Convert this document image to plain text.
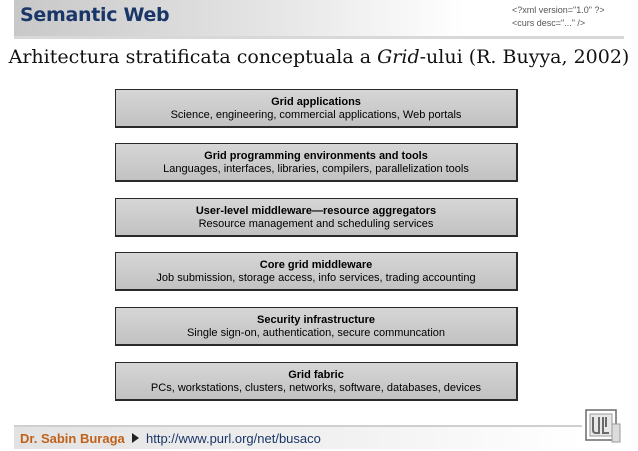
Semantic Web	<?xml version="1.0" ?>
<curs desc="..." />
Arhitectura stratificata conceptuala a Grid-ului (R. Buyya, 2002)
Grid applications
Science, engineering, commercial applications, Web portals
Grid programming environments and tools
Languages, interfaces, libraries, compilers, parallelization tools
User-level middleware—resource aggregators
Resource management and scheduling services
Core grid middleware
Job submission, storage access, info services, trading accounting
Security infrastructure
Single sign-on, authentication, secure communcation
Grid fabric
PCs, workstations, clusters, networks, software, databases, devices
Dr. Sabin Buraga http://www.purl.org/net/busaco
